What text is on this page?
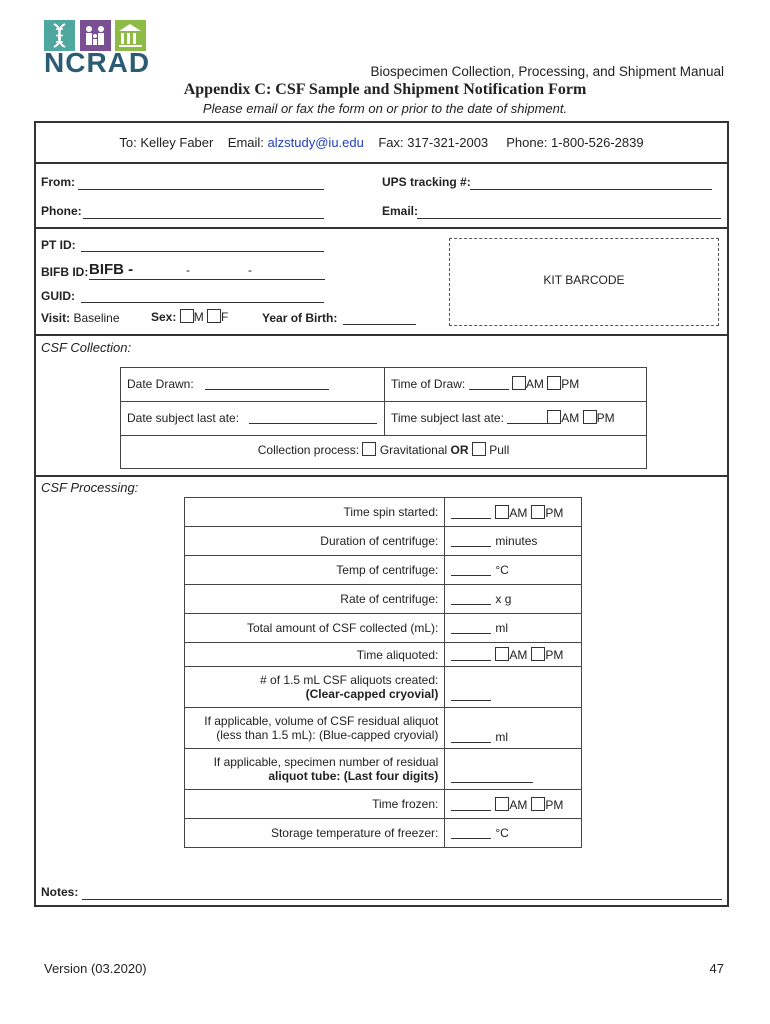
NCRAD	Biospecimen Collection, Processing, and Shipment Manual
Appendix C: CSF Sample and Shipment Notification Form
Please email or fax the form on or prior to the date of shipment.
To: Kelley Faber Email: alzstudy@iu.edu Fax: 317-321-2003 Phone: 1-800-526-2839
From:	UPS tracking #:
Phone:	Email:
PT ID:
BIFB ID: BIFB -	-	-
GUID:
Visit: Baseline	Sex: M F	Year of Birth:
KIT BARCODE
CSF Collection:
Date Drawn:	Time of Draw:	AM PM
Date subject last ate:	Time subject last ate:	AM PM
Collection process: Gravitational OR Pull
CSF Processing:
Time spin started:	AM PM

Duration of centrifuge:	minutes

Temp of centrifuge:	°C

Rate of centrifuge:	x g

Total amount of CSF collected (mL):	ml

Time aliquoted:	AM PM

# of 1.5 mL CSF aliquots created:
(Clear-capped cryovial)	

If applicable, volume of CSF residual aliquot
(less than 1.5 mL): (Blue-capped cryovial)	ml

If applicable, specimen number of residual
aliquot tube: (Last four digits)	

Time frozen:	AM PM

Storage temperature of freezer:	°C
Notes:
Version (03.2020)	47
